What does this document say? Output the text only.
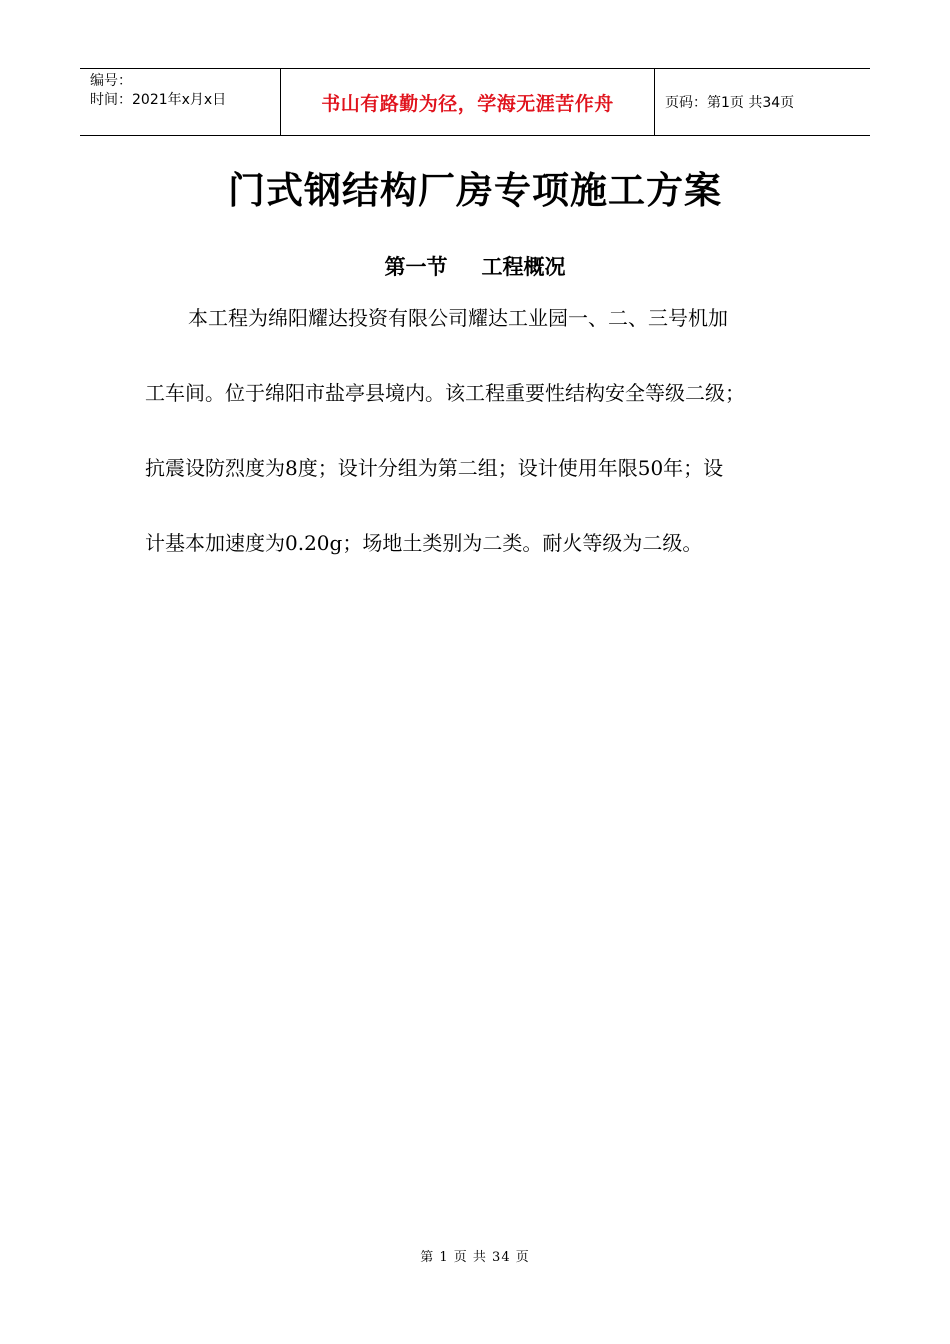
编号：
时间：2021年x月x日	书山有路勤为径，学海无涯苦作舟	页码：第1页 共34页
门式钢结构厂房专项施工方案
第一节 工程概况
本工程为绵阳耀达投资有限公司耀达工业园一、二、三号机加
工车间。位于绵阳市盐亭县境内。该工程重要性结构安全等级二级；
抗震设防烈度为8度；设计分组为第二组；设计使用年限50年；设
计基本加速度为0.20g；场地土类别为二类。耐火等级为二级。
第 1 页 共 34 页
